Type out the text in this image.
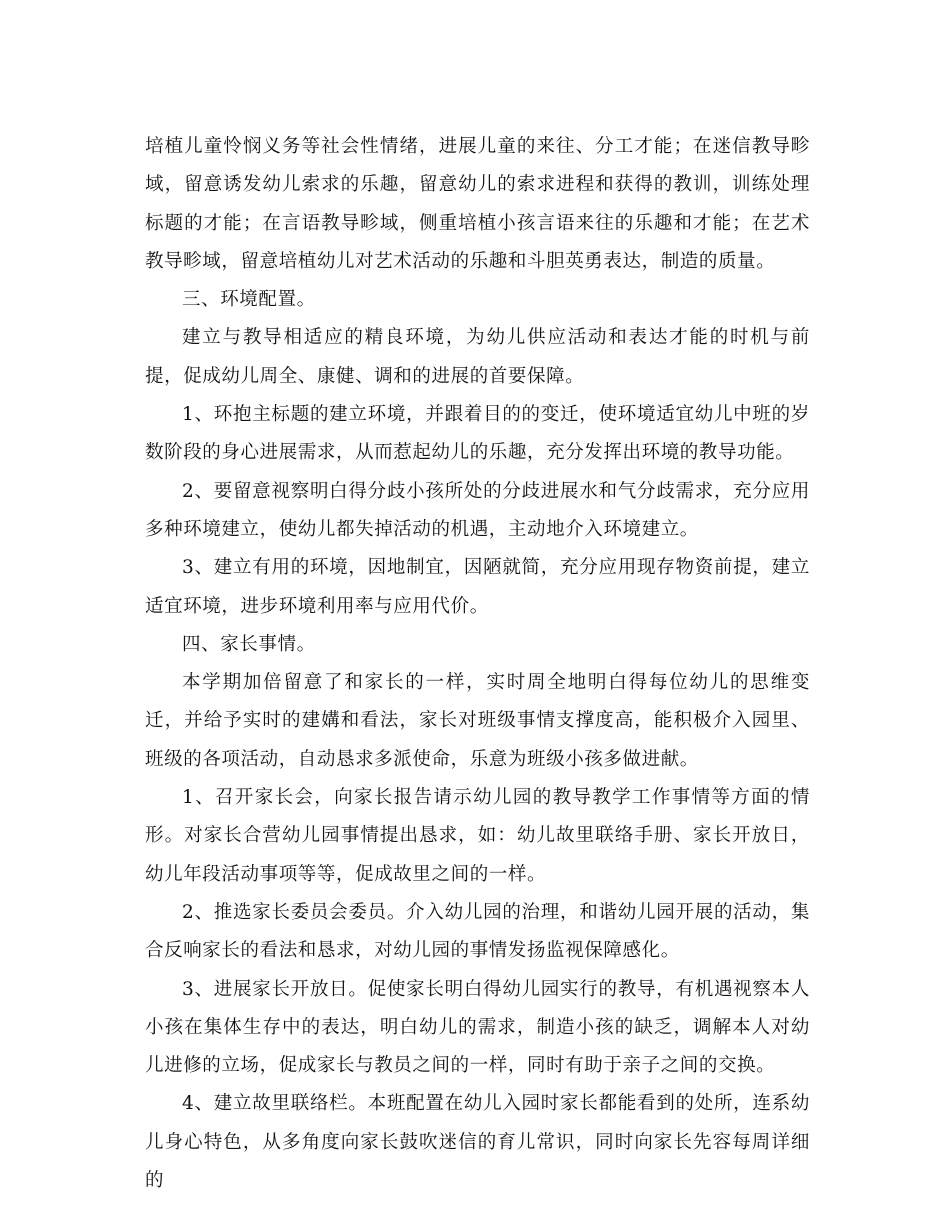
培植儿童怜悯义务等社会性情绪，进展儿童的来往、分工才能；在迷信教导畛域，留意诱发幼儿索求的乐趣，留意幼儿的索求进程和获得的教训，训练处理标题的才能；在言语教导畛域，侧重培植小孩言语来往的乐趣和才能；在艺术教导畛域，留意培植幼儿对艺术活动的乐趣和斗胆英勇表达，制造的质量。

三、环境配置。

建立与教导相适应的精良环境，为幼儿供应活动和表达才能的时机与前提，促成幼儿周全、康健、调和的进展的首要保障。

1、环抱主标题的建立环境，并跟着目的的变迁，使环境适宜幼儿中班的岁数阶段的身心进展需求，从而惹起幼儿的乐趣，充分发挥出环境的教导功能。

2、要留意视察明白得分歧小孩所处的分歧进展水和气分歧需求，充分应用多种环境建立，使幼儿都失掉活动的机遇，主动地介入环境建立。

3、建立有用的环境，因地制宜，因陋就简，充分应用现存物资前提，建立适宜环境，进步环境利用率与应用代价。

四、家长事情。

本学期加倍留意了和家长的一样，实时周全地明白得每位幼儿的思维变迁，并给予实时的建媾和看法，家长对班级事情支撑度高，能积极介入园里、班级的各项活动，自动恳求多派使命，乐意为班级小孩多做进献。

1、召开家长会，向家长报告请示幼儿园的教导教学工作事情等方面的情形。对家长合营幼儿园事情提出恳求，如：幼儿故里联络手册、家长开放日，幼儿年段活动事项等等，促成故里之间的一样。

2、推选家长委员会委员。介入幼儿园的治理，和谐幼儿园开展的活动，集合反响家长的看法和恳求，对幼儿园的事情发扬监视保障感化。

3、进展家长开放日。促使家长明白得幼儿园实行的教导，有机遇视察本人小孩在集体生存中的表达，明白幼儿的需求，制造小孩的缺乏，调解本人对幼儿进修的立场，促成家长与教员之间的一样，同时有助于亲子之间的交换。

4、建立故里联络栏。本班配置在幼儿入园时家长都能看到的处所，连系幼儿身心特色，从多角度向家长鼓吹迷信的育儿常识，同时向家长先容每周详细的
